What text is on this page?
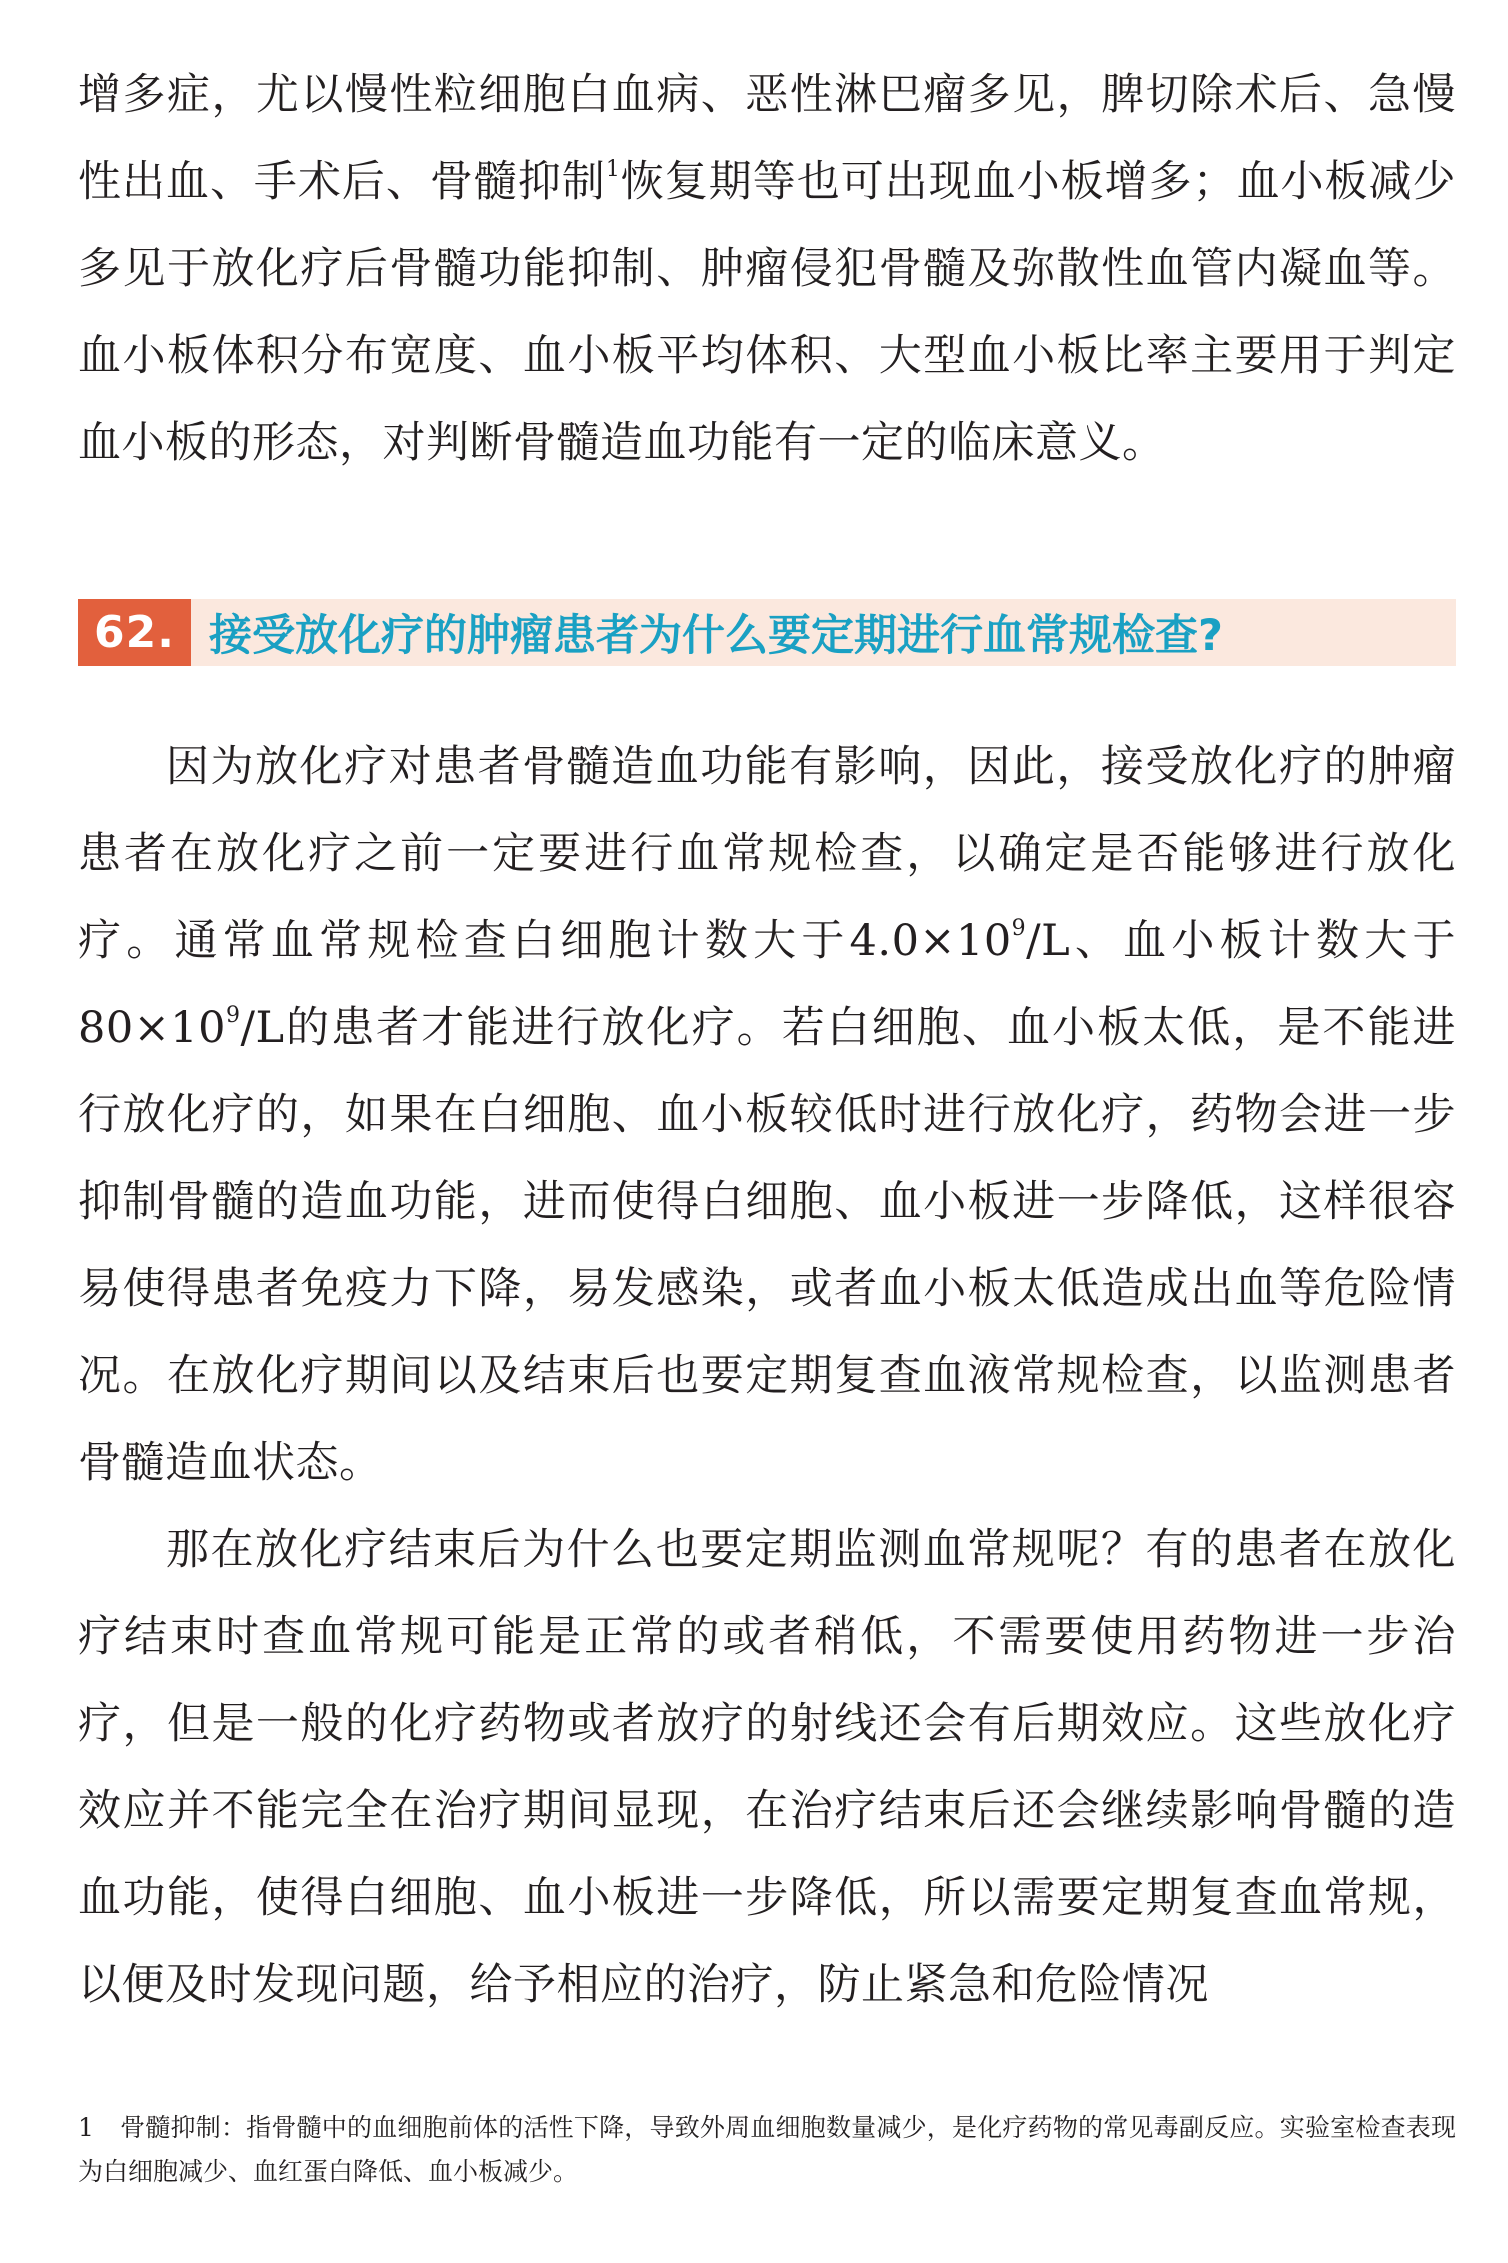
增多症，尤以慢性粒细胞白血病、恶性淋巴瘤多见，脾切除术后、急慢性出血、手术后、骨髓抑制$^1$恢复期等也可出现血小板增多；血小板减少多见于放化疗后骨髓功能抑制、肿瘤侵犯骨髓及弥散性血管内凝血等。血小板体积分布宽度、血小板平均体积、大型血小板比率主要用于判定血小板的形态，对判断骨髓造血功能有一定的临床意义。

62. 接受放化疗的肿瘤患者为什么要定期进行血常规检查?

因为放化疗对患者骨髓造血功能有影响，因此，接受放化疗的肿瘤患者在放化疗之前一定要进行血常规检查，以确定是否能够进行放化疗。通常血常规检查白细胞计数大于$4.0\times 10^9/L$、血小板计数大于$80\times 10^9/L$的患者才能进行放化疗。若白细胞、血小板太低，是不能进行放化疗的，如果在白细胞、血小板较低时进行放化疗，药物会进一步抑制骨髓的造血功能，进而使得白细胞、血小板进一步降低，这样很容易使得患者免疫力下降，易发感染，或者血小板太低造成出血等危险情况。在放化疗期间以及结束后也要定期复查血液常规检查，以监测患者骨髓造血状态。

那在放化疗结束后为什么也要定期监测血常规呢？有的患者在放化疗结束时查血常规可能是正常的或者稍低，不需要使用药物进一步治疗，但是一般的化疗药物或者放疗的射线还会有后期效应。这些放化疗效应并不能完全在治疗期间显现，在治疗结束后还会继续影响骨髓的造血功能，使得白细胞、血小板进一步降低，所以需要定期复查血常规，以便及时发现问题，给予相应的治疗，防止紧急和危险情况

1 骨髓抑制：指骨髓中的血细胞前体的活性下降，导致外周血细胞数量减少，是化疗药物的常见毒副反应。实验室检查表现为白细胞减少、血红蛋白降低、血小板减少。
